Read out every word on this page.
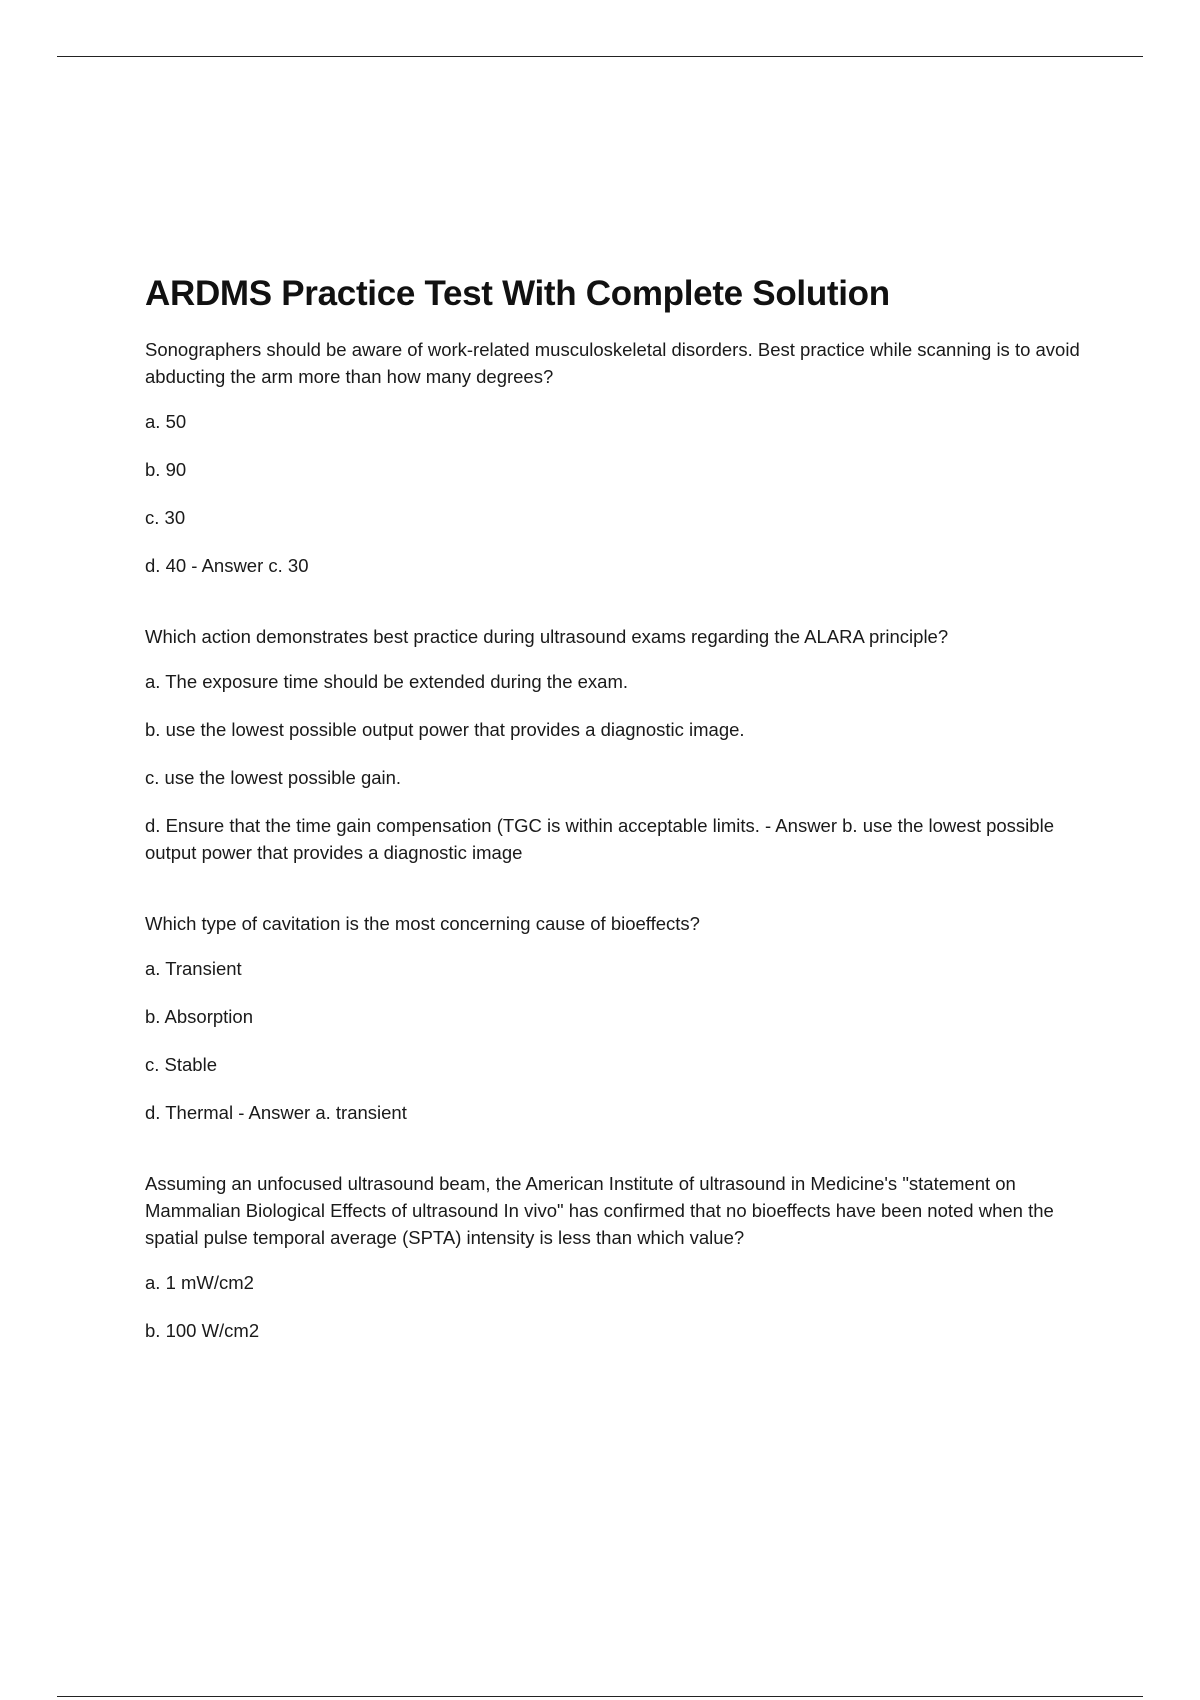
ARDMS Practice Test With Complete Solution

Sonographers should be aware of work-related musculoskeletal disorders. Best practice while scanning is to avoid abducting the arm more than how many degrees?

a. 50

b. 90

c. 30

d. 40 - Answer c. 30

Which action demonstrates best practice during ultrasound exams regarding the ALARA principle?

a. The exposure time should be extended during the exam.

b. use the lowest possible output power that provides a diagnostic image.

c. use the lowest possible gain.

d. Ensure that the time gain compensation (TGC is within acceptable limits. - Answer b. use the lowest possible output power that provides a diagnostic image

Which type of cavitation is the most concerning cause of bioeffects?

a. Transient

b. Absorption

c. Stable

d. Thermal - Answer a. transient

Assuming an unfocused ultrasound beam, the American Institute of ultrasound in Medicine's "statement on Mammalian Biological Effects of ultrasound In vivo" has confirmed that no bioeffects have been noted when the spatial pulse temporal average (SPTA) intensity is less than which value?

a. 1 mW/cm2

b. 100 W/cm2
